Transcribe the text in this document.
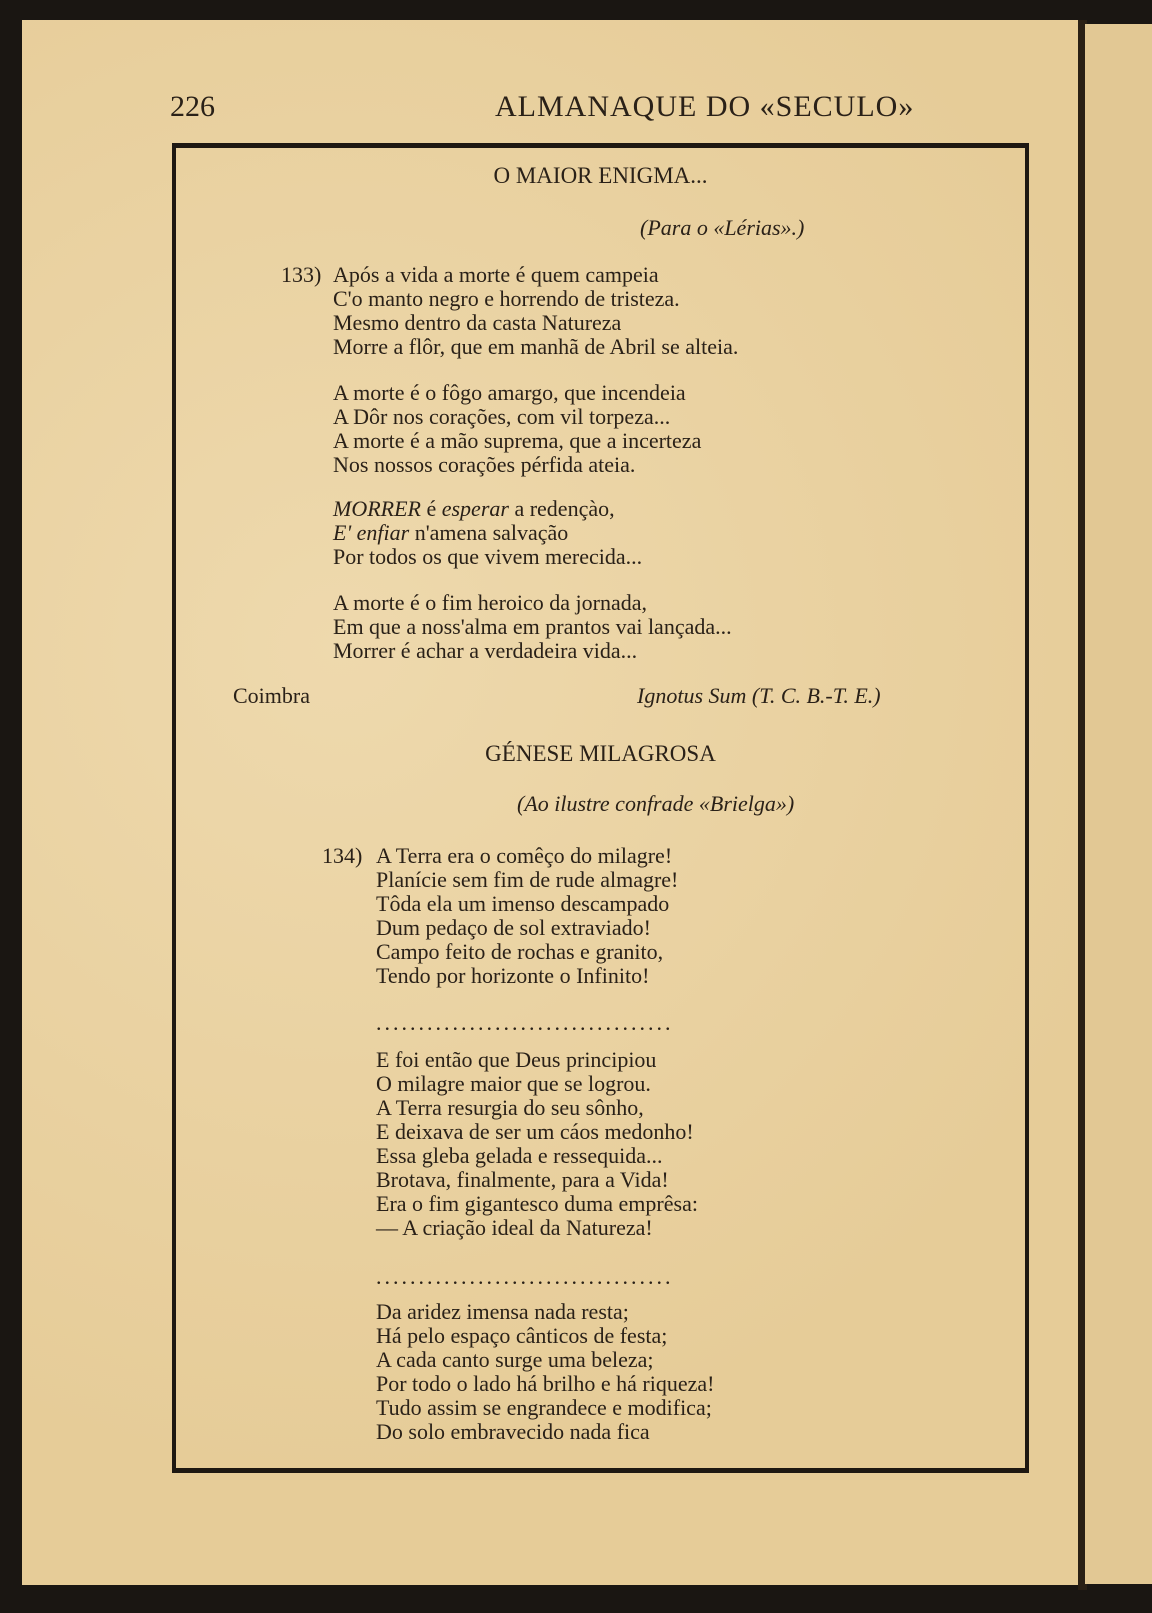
226	ALMANAQUE DO «SECULO»
O MAIOR ENIGMA...
(Para o «Lérias».)
133) Após a vida a morte é quem campeia
C'o manto negro e horrendo de tristeza.
Mesmo dentro da casta Natureza
Morre a flôr, que em manhã de Abril se alteia.
A morte é o fôgo amargo, que incendeia
A Dôr nos corações, com vil torpeza...
A morte é a mão suprema, que a incerteza
Nos nossos corações pérfida ateia.
MORRER é esperar a redençào,
E' enfiar n'amena salvação
Por todos os que vivem merecida...
A morte é o fim heroico da jornada,
Em que a noss'alma em prantos vai lançada...
Morrer é achar a verdadeira vida...
Coimbra	Ignotus Sum (T. C. B.-T. E.)
GÉNESE MILAGROSA
(Ao ilustre confrade «Brielga»)
134) A Terra era o comêço do milagre!
Planície sem fim de rude almagre!
Tôda ela um imenso descampado
Dum pedaço de sol extraviado!
Campo feito de rochas e granito,
Tendo por horizonte o Infinito!
...................................
E foi então que Deus principiou
O milagre maior que se logrou.
A Terra resurgia do seu sônho,
E deixava de ser um cáos medonho!
Essa gleba gelada e ressequida...
Brotava, finalmente, para a Vida!
Era o fim gigantesco duma emprêsa:
— A criação ideal da Natureza!
...................................
Da aridez imensa nada resta;
Há pelo espaço cânticos de festa;
A cada canto surge uma beleza;
Por todo o lado há brilho e há riqueza!
Tudo assim se engrandece e modifica;
Do solo embravecido nada fica
